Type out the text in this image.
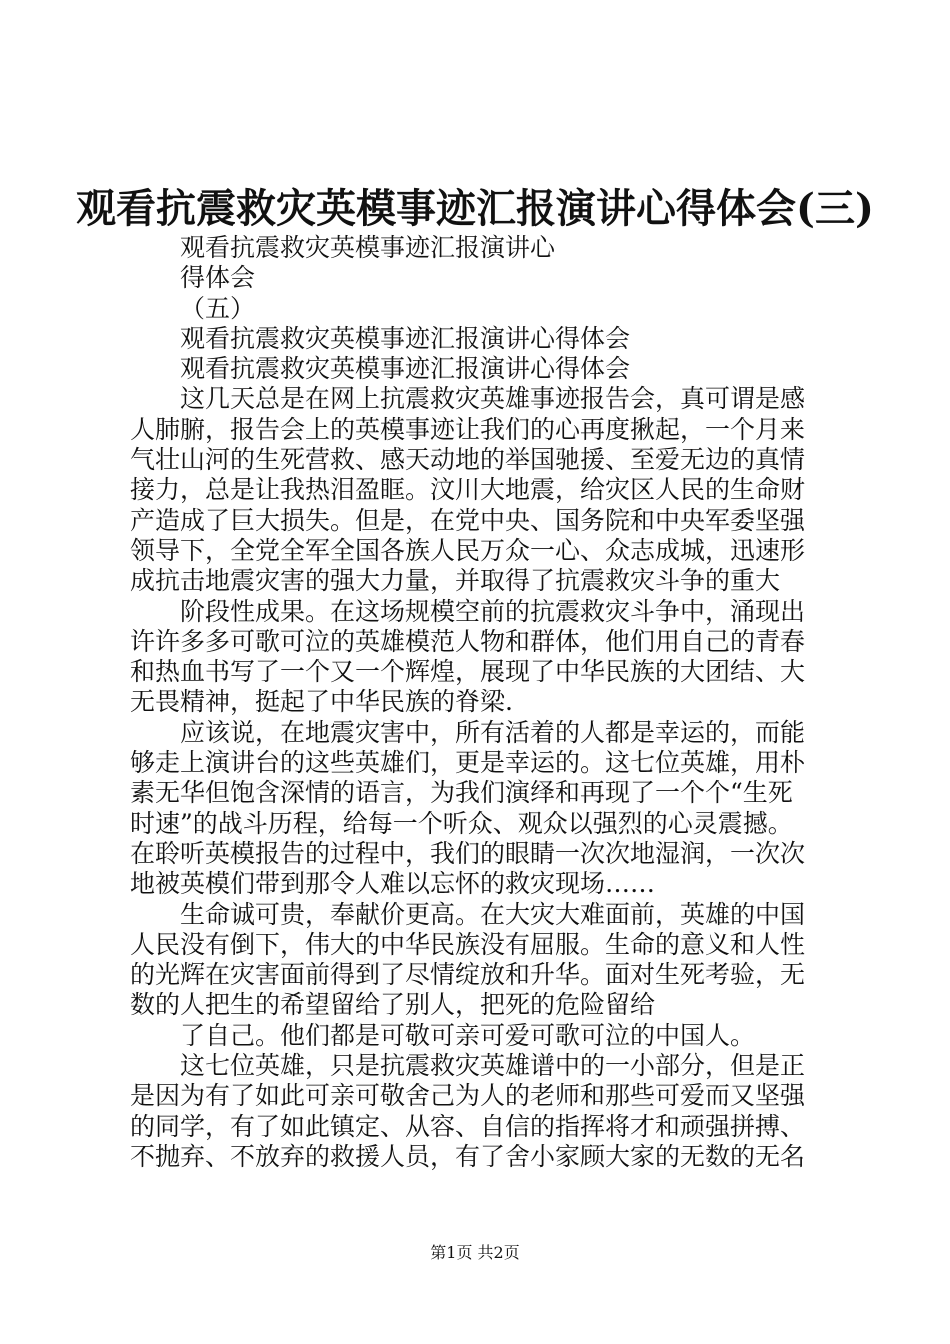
观看抗震救灾英模事迹汇报演讲心得体会(三)
观看抗震救灾英模事迹汇报演讲心
得体会
（五）
观看抗震救灾英模事迹汇报演讲心得体会
观看抗震救灾英模事迹汇报演讲心得体会
这几天总是在网上抗震救灾英雄事迹报告会，真可谓是感
人肺腑，报告会上的英模事迹让我们的心再度揪起，一个月来
气壮山河的生死营救、感天动地的举国驰援、至爱无边的真情
接力，总是让我热泪盈眶。汶川大地震，给灾区人民的生命财
产造成了巨大损失。但是，在党中央、国务院和中央军委坚强
领导下，全党全军全国各族人民万众一心、众志成城，迅速形
成抗击地震灾害的强大力量，并取得了抗震救灾斗争的重大
阶段性成果。在这场规模空前的抗震救灾斗争中，涌现出
许许多多可歌可泣的英雄模范人物和群体，他们用自己的青春
和热血书写了一个又一个辉煌，展现了中华民族的大团结、大
无畏精神，挺起了中华民族的脊梁.
应该说，在地震灾害中，所有活着的人都是幸运的，而能
够走上演讲台的这些英雄们，更是幸运的。这七位英雄，用朴
素无华但饱含深情的语言，为我们演绎和再现了一个个“生死
时速”的战斗历程，给每一个听众、观众以强烈的心灵震撼。
在聆听英模报告的过程中，我们的眼睛一次次地湿润，一次次
地被英模们带到那令人难以忘怀的救灾现场……
生命诚可贵，奉献价更高。在大灾大难面前，英雄的中国
人民没有倒下，伟大的中华民族没有屈服。生命的意义和人性
的光辉在灾害面前得到了尽情绽放和升华。面对生死考验，无
数的人把生的希望留给了别人，把死的危险留给
了自己。他们都是可敬可亲可爱可歌可泣的中国人。
这七位英雄，只是抗震救灾英雄谱中的一小部分，但是正
是因为有了如此可亲可敬舍己为人的老师和那些可爱而又坚强
的同学，有了如此镇定、从容、自信的指挥将才和顽强拼搏、
不抛弃、不放弃的救援人员，有了舍小家顾大家的无数的无名
第1页 共2页
